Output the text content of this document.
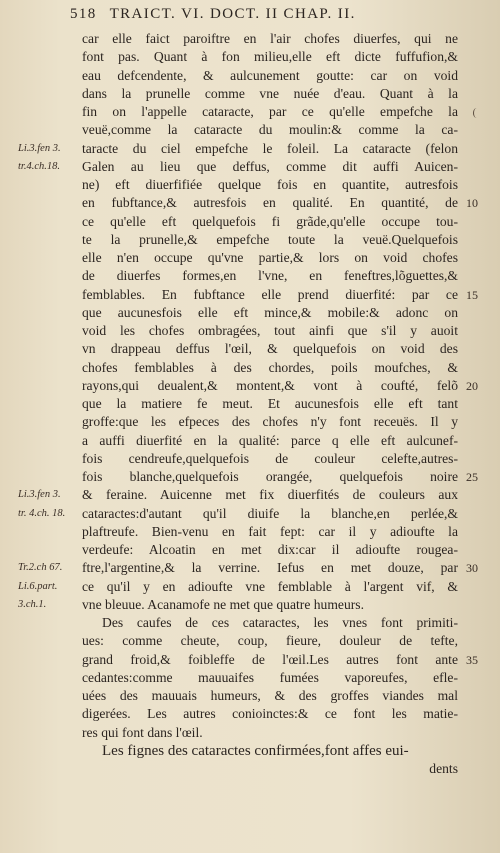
518 TRAICT. VI. DOCT. II CHAP. II.
car elle faict paroiftre en l'air chofes diuerfes, qui ne
font pas. Quant à fon milieu,elle eft dicte fuffufion,&
eau defcendente, & aulcunement goutte: car on void
dans la prunelle comme vne nuée d'eau. Quant à la
fin on l'appelle cataracte, par ce qu'elle empefche la
veuë,comme la cataracte du moulin:& comme la ca-
taracte du ciel empefche le foleil. La cataracte (felon
Galen au lieu que deffus, comme dit auffi Auicen-
ne) eft diuerfifiée quelque fois en quantite, autresfois
en fubftance,& autresfois en qualité. En quantité, de
ce qu'elle eft quelquefois fi grãde,qu'elle occupe tou-
te la prunelle,& empefche toute la veuë.Quelquefois
elle n'en occupe qu'vne partie,& lors on void chofes
de diuerfes formes,en l'vne, en feneftres,lõguettes,&
femblables. En fubftance elle prend diuerfité: par ce
que aucunesfois elle eft mince,& mobile:& adonc on
void les chofes ombragées, tout ainfi que s'il y auoit
vn drappeau deffus l'œil, & quelquefois on void des
chofes femblables à des chordes, poils moufches, &
rayons,qui deualent,& montent,& vont à coufté, felõ
que la matiere fe meut. Et aucunesfois elle eft tant
groffe:que les efpeces des chofes n'y font receuës. Il y
a auffi diuerfité en la qualité: parce q elle eft aulcunef-
fois cendreufe,quelquefois de couleur celefte,autres-
fois blanche,quelquefois orangée, quelquefois noire
& feraine. Auicenne met fix diuerfités de couleurs aux
cataractes:d'autant qu'il diuife la blanche,en perlée,&
plaftreufe. Bien-venu en fait fept: car il y adioufte la
verdeufe: Alcoatin en met dix:car il adioufte rougea-
ftre,l'argentine,& la verrine. Iefus en met douze, par
ce qu'il y en adioufte vne femblable à l'argent vif, &
vne bleuue. Acanamofe ne met que quatre humeurs.
Des caufes de ces cataractes, les vnes font primiti-
ues: comme cheute, coup, fieure, douleur de tefte,
grand froid,& foibleffe de l'œil.Les autres font ante
cedantes:comme mauuaifes fumées vaporeufes, efle-
uées des mauuais humeurs, & des groffes viandes mal
digerées. Les autres conioinctes:& ce font les matie-
res qui font dans l'œil.
Les fignes des cataractes confirmées,font affes eui-
dents
Li.3.fen 3.
tr.4.ch.18.
Li.3.fen 3.
tr. 4.ch. 18.
Tr.2.ch 67.
Li.6.part.
3.ch.1.
10
15
20
25
30
35
